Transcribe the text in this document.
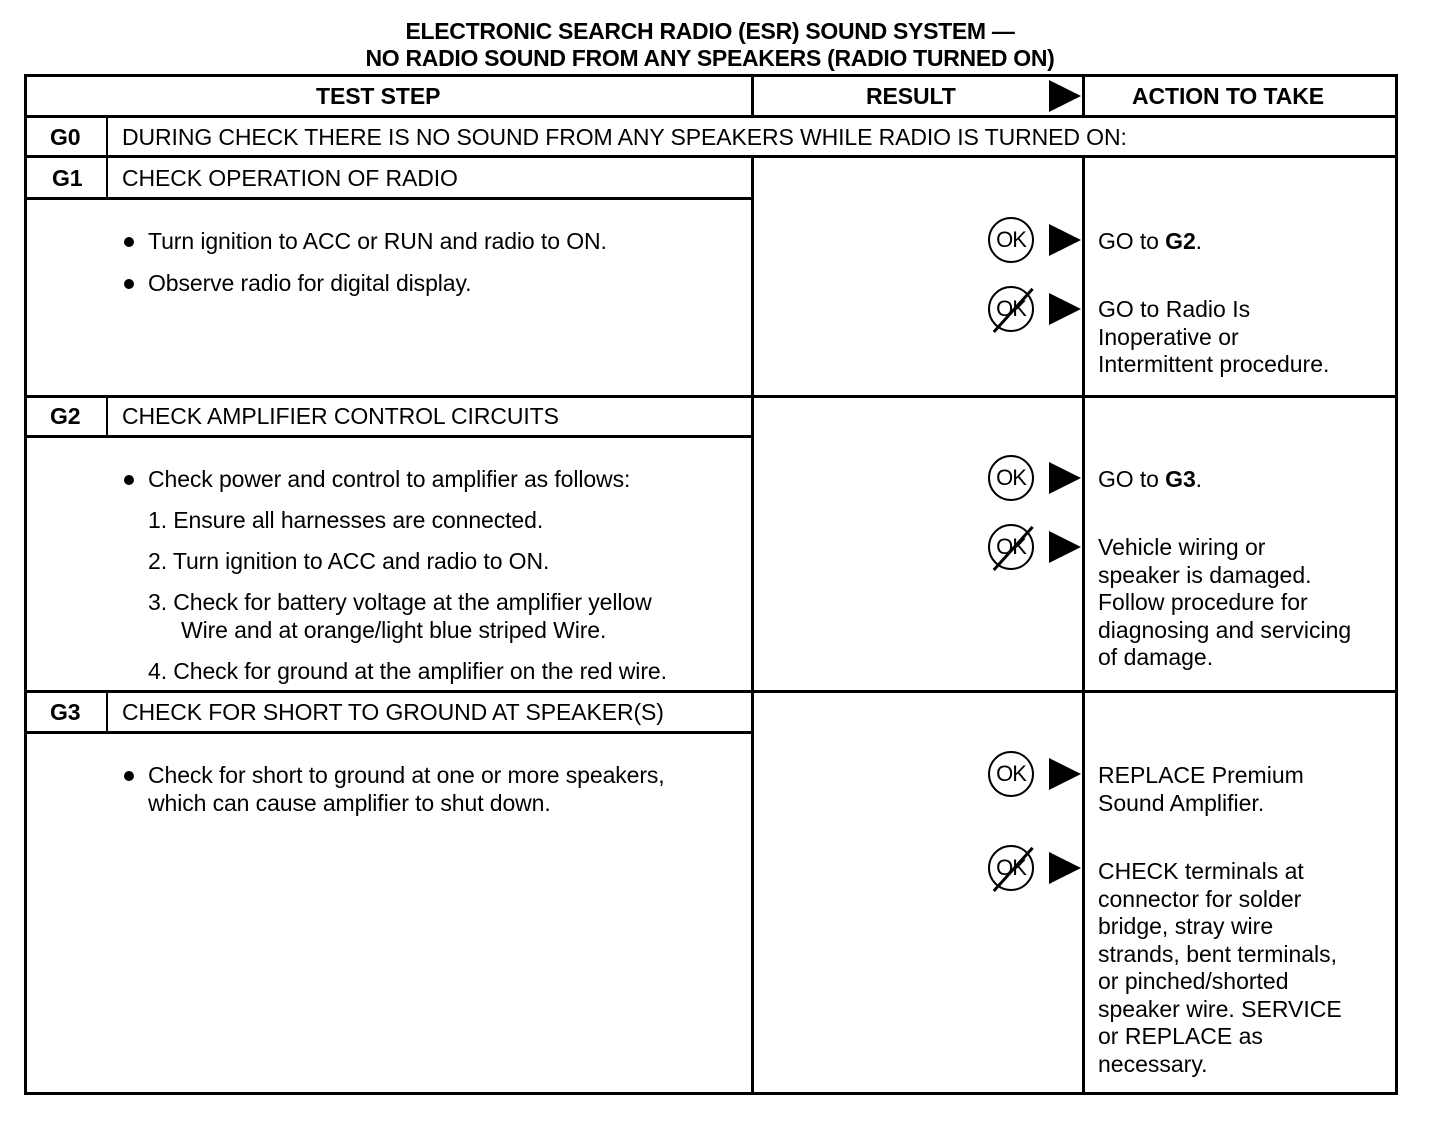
ELECTRONIC SEARCH RADIO (ESR) SOUND SYSTEM —
NO RADIO SOUND FROM ANY SPEAKERS (RADIO TURNED ON)
TEST STEP	RESULT	ACTION TO TAKE
G0 DURING CHECK THERE IS NO SOUND FROM ANY SPEAKERS WHILE RADIO IS TURNED ON:
G1 CHECK OPERATION OF RADIO
Turn ignition to ACC or RUN and radio to ON.
Observe radio for digital display.
OK	GO to G2.
OK	GO to Radio Is
Inoperative or
Intermittent procedure.
G2 CHECK AMPLIFIER CONTROL CIRCUITS
Check power and control to amplifier as follows:
1. Ensure all harnesses are connected.
2. Turn ignition to ACC and radio to ON.
3. Check for battery voltage at the amplifier yellow
Wire and at orange/light blue striped Wire.
4. Check for ground at the amplifier on the red wire.
OK	GO to G3.
OK	Vehicle wiring or
speaker is damaged.
Follow procedure for
diagnosing and servicing
of damage.
G3 CHECK FOR SHORT TO GROUND AT SPEAKER(S)
Check for short to ground at one or more speakers,
which can cause amplifier to shut down.
OK	REPLACE Premium
Sound Amplifier.
OK	CHECK terminals at
connector for solder
bridge, stray wire
strands, bent terminals,
or pinched/shorted
speaker wire. SERVICE
or REPLACE as
necessary.
